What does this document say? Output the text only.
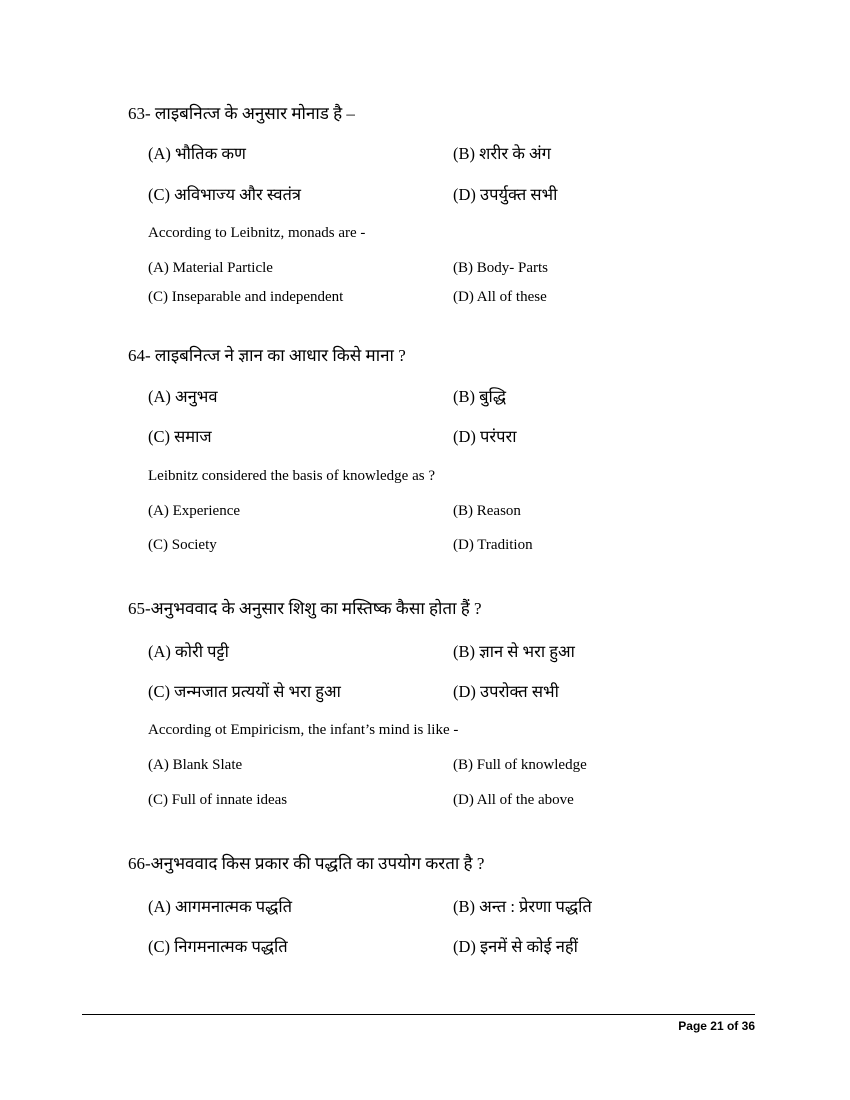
63- लाइबनित्ज के अनुसार मोनाड है –
(A) भौतिक कण	(B) शरीर के अंग
(C) अविभाज्य और स्वतंत्र	(D) उपर्युक्त सभी
According to Leibnitz, monads are -
(A) Material Particle	(B) Body- Parts
(C) Inseparable and independent	(D) All of these
64- लाइबनित्ज ने ज्ञान का आधार किसे माना ?
(A) अनुभव	(B) बुद्धि
(C) समाज	(D) परंपरा
Leibnitz considered the basis of knowledge as ?
(A) Experience	(B) Reason
(C) Society	(D) Tradition
65-अनुभववाद के अनुसार शिशु का मस्तिष्क कैसा होता हैं ?
(A) कोरी पट्टी	(B) ज्ञान से भरा हुआ
(C) जन्मजात प्रत्ययों से भरा हुआ	(D) उपरोक्त सभी
According ot Empiricism, the infant’s mind is like -
(A) Blank Slate	(B) Full of knowledge
(C) Full of innate ideas	(D) All of the above
66-अनुभववाद किस प्रकार की पद्धति का उपयोग करता है ?
(A) आगमनात्मक पद्धति	(B) अन्त : प्रेरणा पद्धति
(C) निगमनात्मक पद्धति	(D) इनमें से कोई नहीं
Page 21 of 36
